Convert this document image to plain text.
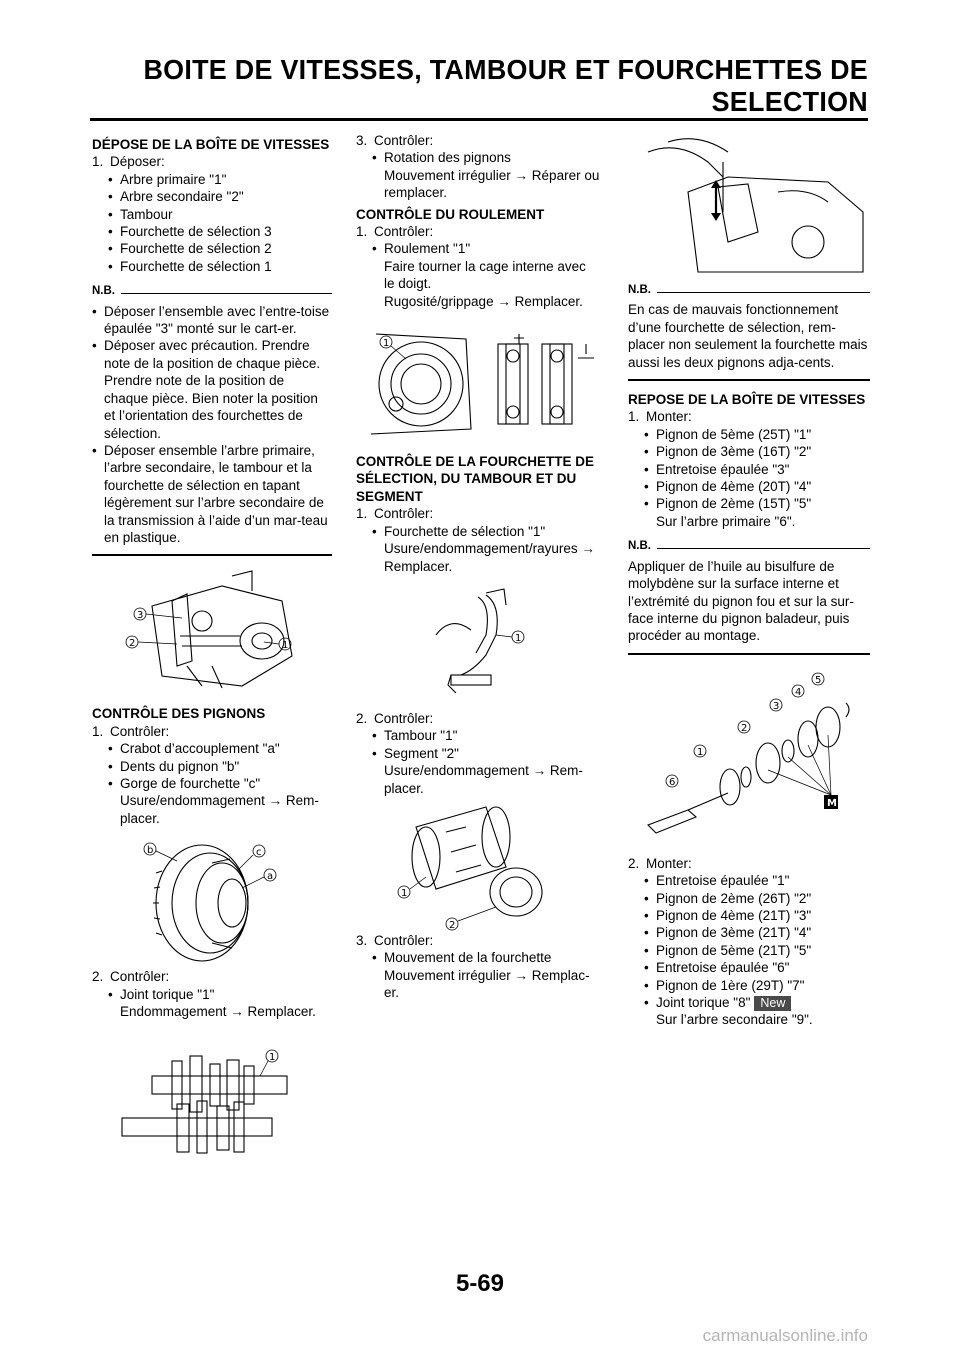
BOITE DE VITESSES, TAMBOUR ET FOURCHETTES DE
SELECTION
DÉPOSE DE LA BOÎTE DE VITESSES
1. Déposer:
• Arbre primaire "1"
• Arbre secondaire "2"
• Tambour
• Fourchette de sélection 3
• Fourchette de sélection 2
• Fourchette de sélection 1
N.B.
• Déposer l’ensemble avec l’entre-toise épaulée "3" monté sur le cart-er.
• Déposer avec précaution. Prendre note de la position de chaque pièce. Prendre note de la position de chaque pièce. Bien noter la position et l’orientation des fourchettes de sélection.
• Déposer ensemble l’arbre primaire, l’arbre secondaire, le tambour et la fourchette de sélection en tapant légèrement sur l’arbre secondaire de la transmission à l’aide d’un mar-teau en plastique.
3
2	1
CONTRÔLE DES PIGNONS
1. Contrôler:
• Crabot d’accouplement "a"
• Dents du pignon "b"
• Gorge de fourchette "c"
Usure/endommagement → Rem-placer.
b	c
a
2. Contrôler:
• Joint torique "1"
Endommagement → Remplacer.
1
3. Contrôler:
• Rotation des pignons
Mouvement irrégulier → Réparer ou remplacer.
CONTRÔLE DU ROULEMENT
1. Contrôler:
• Roulement "1"
Faire tourner la cage interne avec le doigt.
Rugosité/grippage → Remplacer.
1
CONTRÔLE DE LA FOURCHETTE DE SÉLECTION, DU TAMBOUR ET DU SEGMENT
1. Contrôler:
• Fourchette de sélection "1"
Usure/endommagement/rayures → Remplacer.
1
2. Contrôler:
• Tambour "1"
• Segment "2"
Usure/endommagement → Rem-placer.
1
2
3. Contrôler:
• Mouvement de la fourchette
Mouvement irrégulier → Remplac-er.
N.B.
En cas de mauvais fonctionnement d’une fourchette de sélection, rem-placer non seulement la fourchette mais aussi les deux pignons adja-cents.
REPOSE DE LA BOÎTE DE VITESSES
1. Monter:
• Pignon de 5ème (25T) "1"
• Pignon de 3ème (16T) "2"
• Entretoise épaulée "3"
• Pignon de 4ème (20T) "4"
• Pignon de 2ème (15T) "5"
Sur l’arbre primaire "6".
N.B.
Appliquer de l’huile au bisulfure de molybdène sur la surface interne et l’extrémité du pignon fou et sur la sur-face interne du pignon baladeur, puis procéder au montage.
M
5
4
3
2
1
6
2. Monter:
• Entretoise épaulée "1"
• Pignon de 2ème (26T) "2"
• Pignon de 4ème (21T) "3"
• Pignon de 3ème (21T) "4"
• Pignon de 5ème (21T) "5"
• Entretoise épaulée "6"
• Pignon de 1ère (29T) "7"
• Joint torique "8" New
Sur l’arbre secondaire "9".
5-69
carmanualsonline.info
